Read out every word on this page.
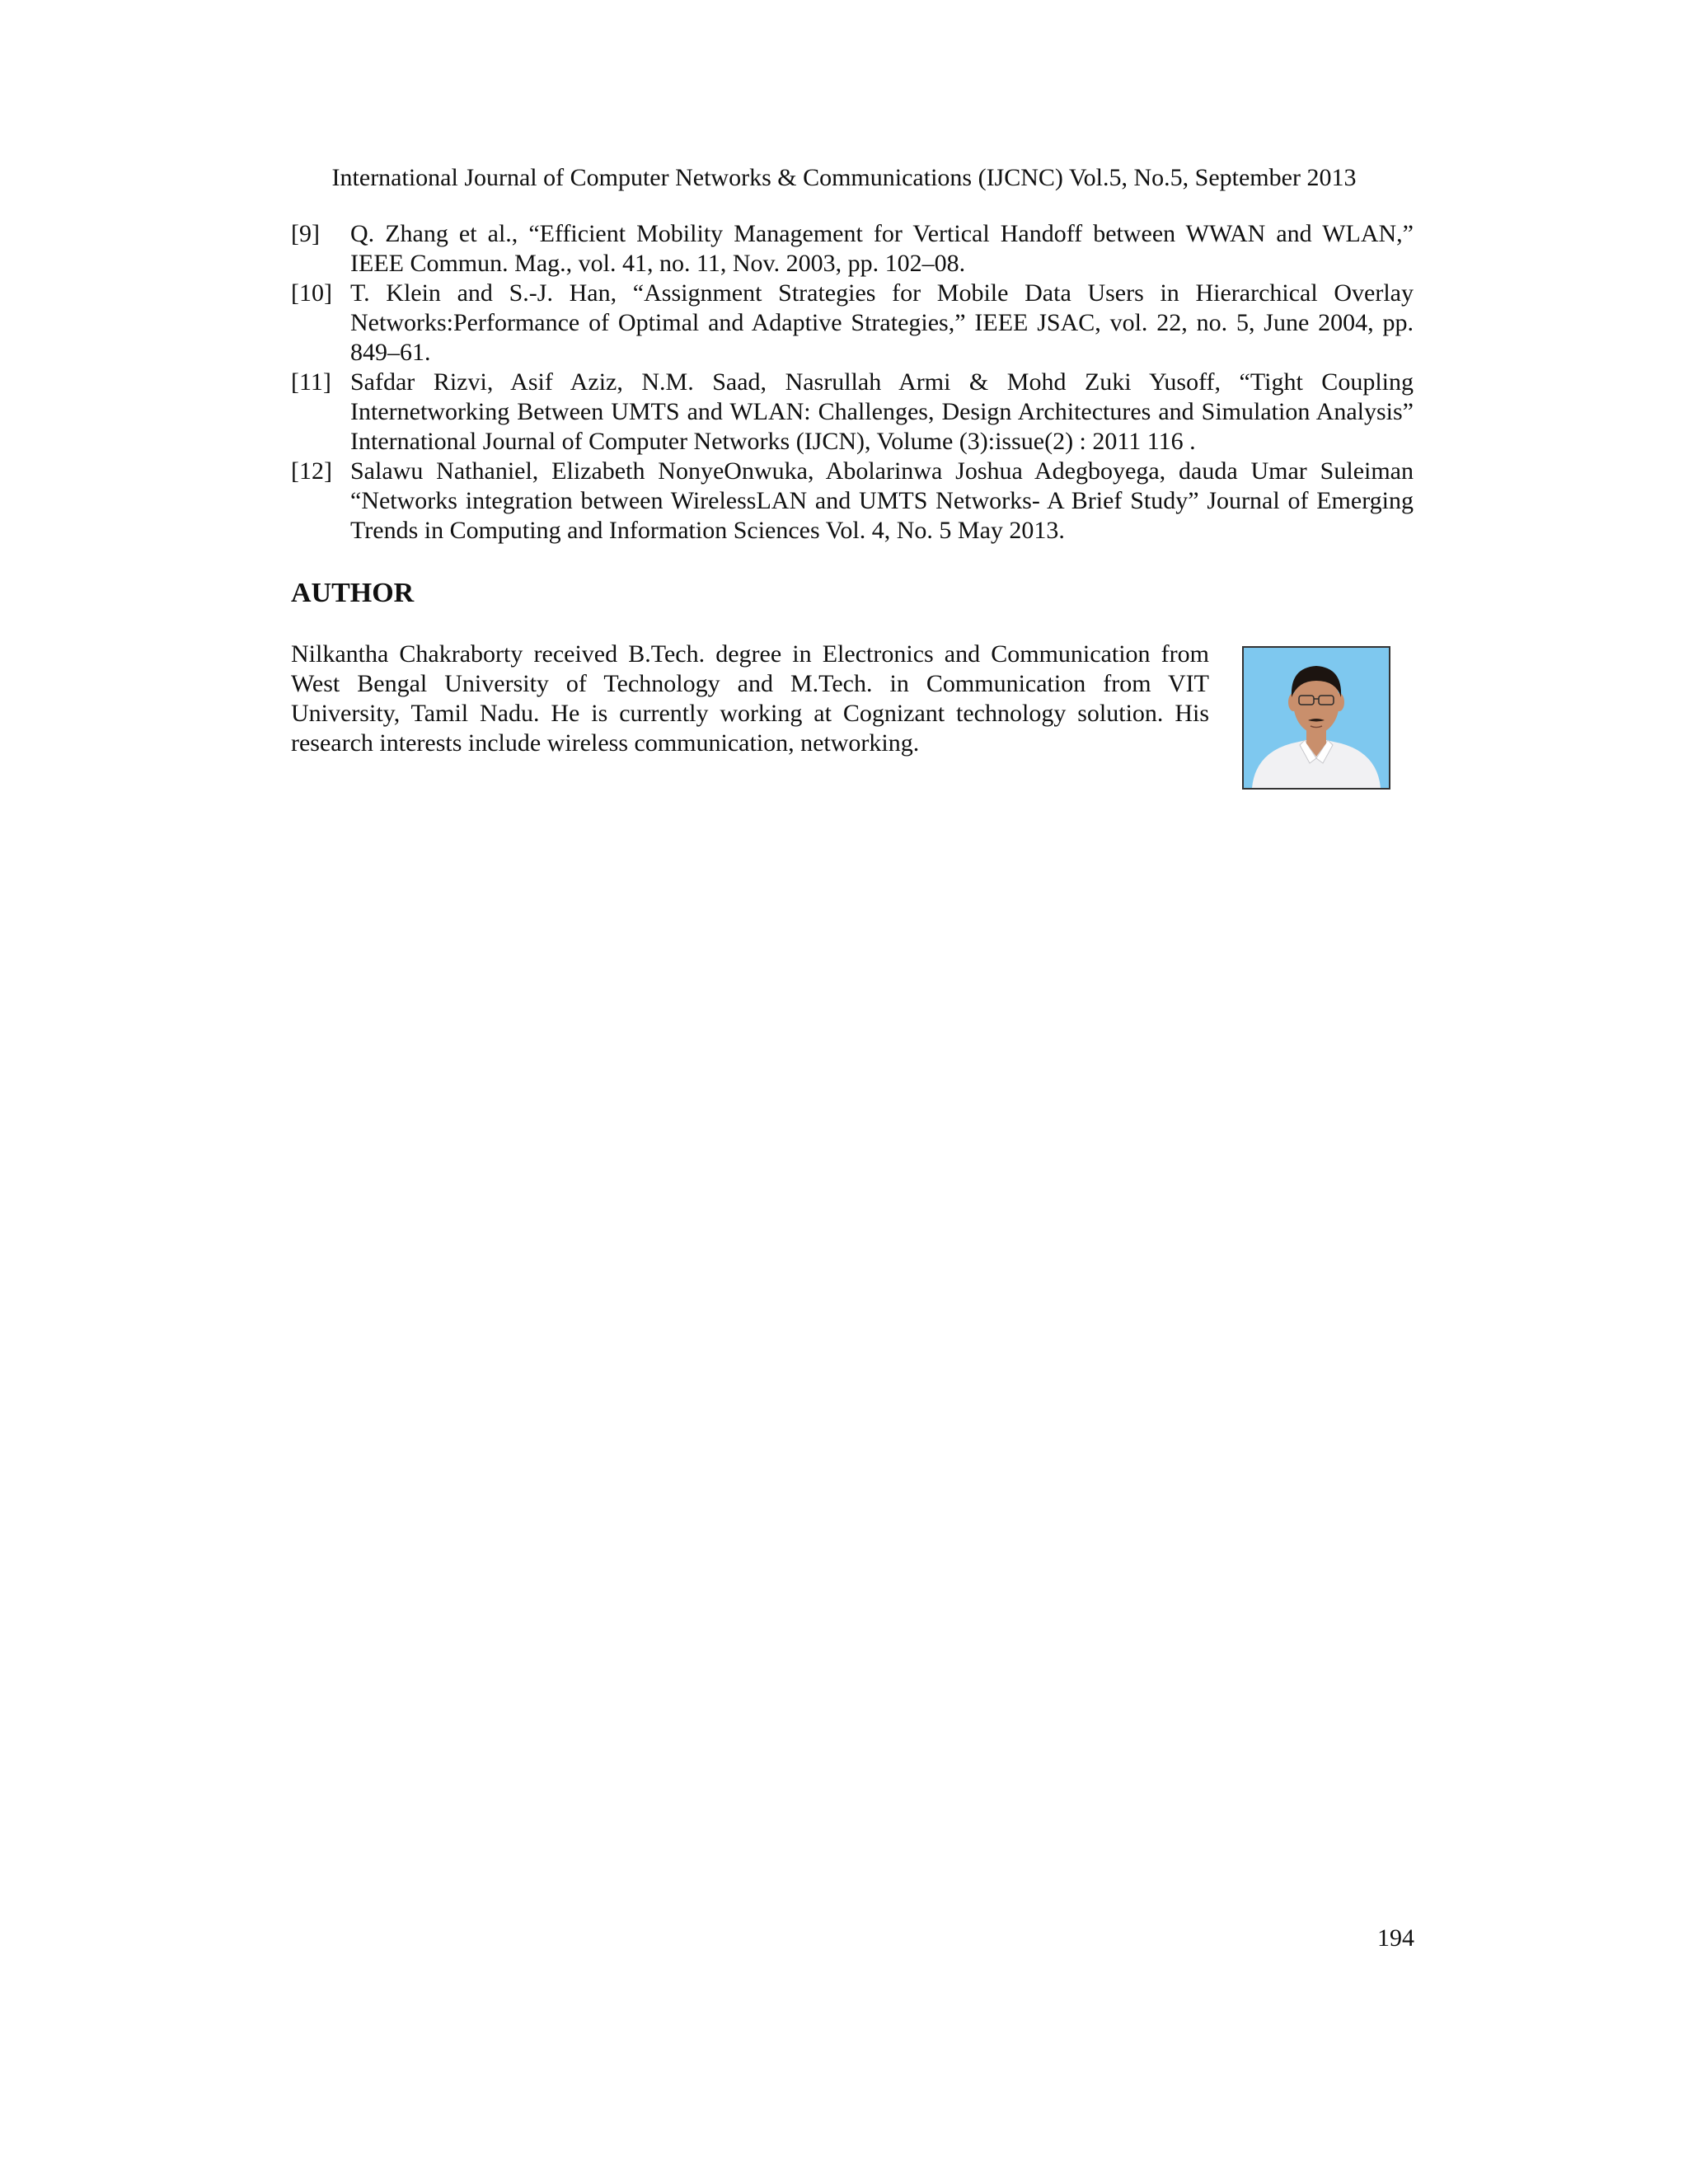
International Journal of Computer Networks & Communications (IJCNC) Vol.5, No.5, September 2013
[9]	Q. Zhang et al., “Efficient Mobility Management for Vertical Handoff between WWAN and WLAN,” IEEE Commun. Mag., vol. 41, no. 11, Nov. 2003, pp. 102–08.
[10] T. Klein and S.-J. Han, “Assignment Strategies for Mobile Data Users in Hierarchical Overlay Networks:Performance of Optimal and Adaptive Strategies,” IEEE JSAC, vol. 22, no. 5, June 2004, pp. 849–61.
[11] Safdar Rizvi, Asif Aziz, N.M. Saad, Nasrullah Armi & Mohd Zuki Yusoff, “Tight Coupling Internetworking Between UMTS and WLAN: Challenges, Design Architectures and Simulation Analysis” International Journal of Computer Networks (IJCN), Volume (3):issue(2) : 2011 116 .
[12] Salawu Nathaniel, Elizabeth NonyeOnwuka, Abolarinwa Joshua Adegboyega, dauda Umar Suleiman “Networks integration between WirelessLAN and UMTS Networks- A Brief Study” Journal of Emerging Trends in Computing and Information Sciences Vol. 4, No. 5 May 2013.
AUTHOR
Nilkantha Chakraborty received B.Tech. degree in Electronics and Communication from West Bengal University of Technology and M.Tech. in Communication from VIT University, Tamil Nadu. He is currently working at Cognizant technology solution. His research interests include wireless communication, networking.
194
